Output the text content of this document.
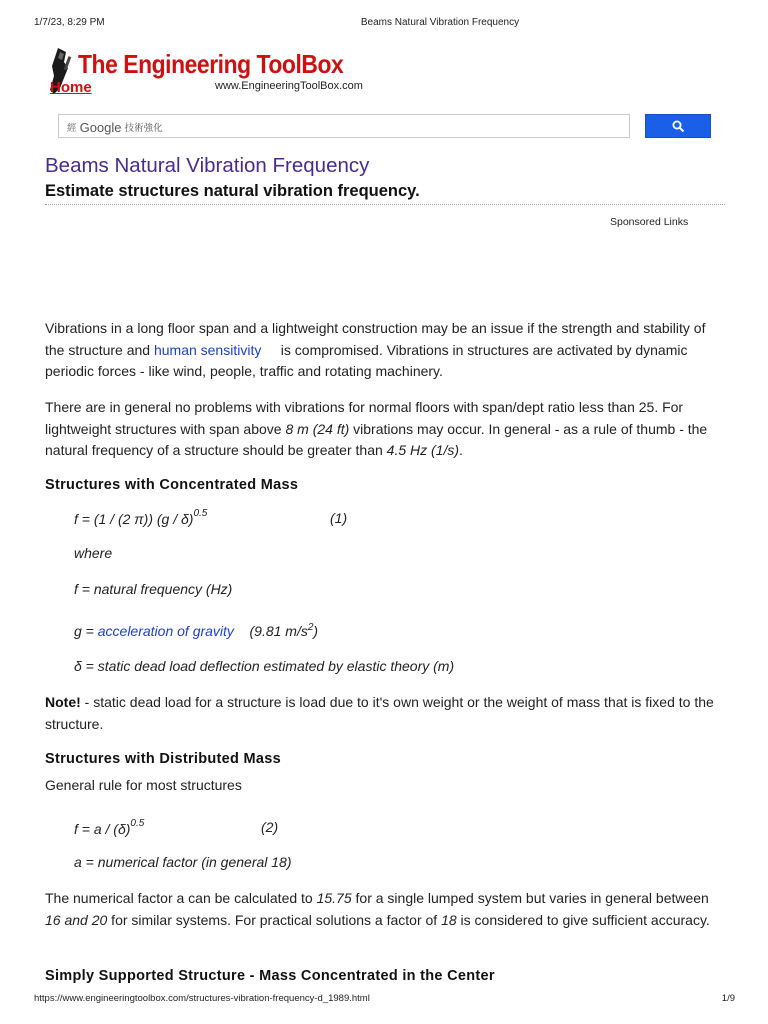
1/7/23, 8:29 PM	Beams Natural Vibration Frequency
The Engineering ToolBox
Home	www.EngineeringToolBox.com
經 Google 技術強化
Beams Natural Vibration Frequency
Estimate structures natural vibration frequency.
Sponsored Links

Vibrations in a long floor span and a lightweight construction may be an issue if the strength and stability of the structure and human sensitivity     is compromised. Vibrations in structures are activated by dynamic periodic forces - like wind, people, traffic and rotating machinery.

There are in general no problems with vibrations for normal floors with span/dept ratio less than 25. For lightweight structures with span above 8 m (24 ft) vibrations may occur. In general - as a rule of thumb - the natural frequency of a structure should be greater than 4.5 Hz (1/s).

Structures with Concentrated Mass

f = (1 / (2 π)) (g / δ)$^{0.5}$	(1)

where

f = natural frequency (Hz)

g = acceleration of gravity    (9.81 $m/s^2$)

δ = static dead load deflection estimated by elastic theory (m)

Note! - static dead load for a structure is load due to it's own weight or the weight of mass that is fixed to the structure.

Structures with Distributed Mass

General rule for most structures

$f = a / (\delta)^{0.5}$	(2)

a = numerical factor (in general 18)

The numerical factor a can be calculated to 15.75 for a single lumped system but varies in general between 16 and 20 for similar systems. For practical solutions a factor of 18 is considered to give sufficient accuracy.

Simply Supported Structure - Mass Concentrated in the Center
https://www.engineeringtoolbox.com/structures-vibration-frequency-d_1989.html	1/9
